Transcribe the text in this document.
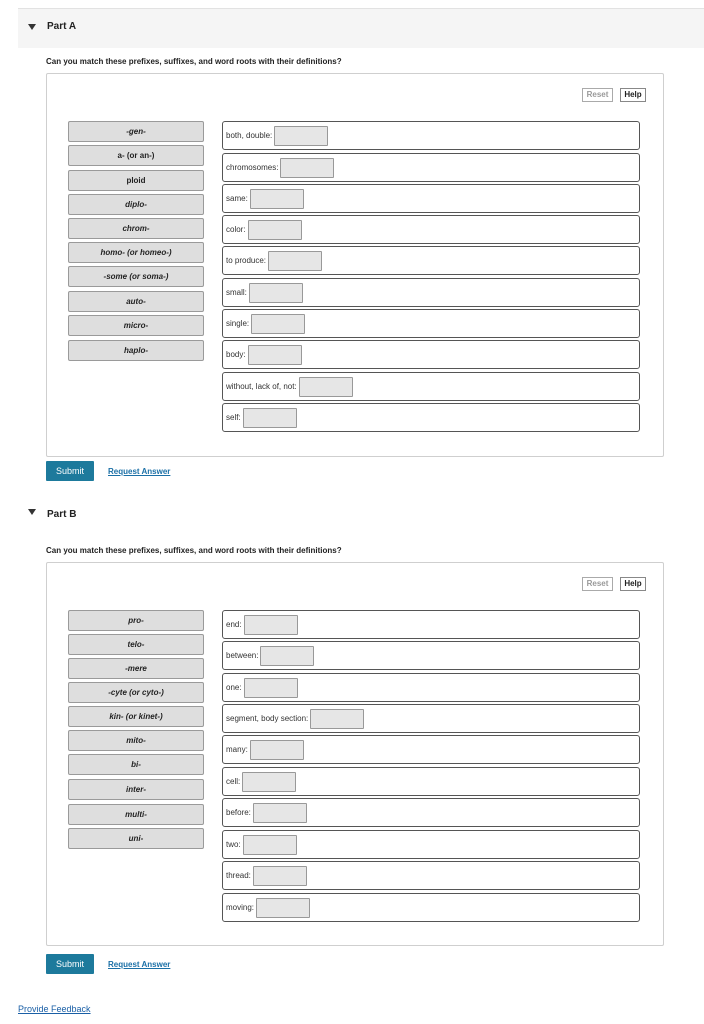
Part A
Can you match these prefixes, suffixes, and word roots with their definitions?
Reset	Help
-gen-
a- (or an-)
ploid
diplo-
chrom-
homo- (or homeo-)
-some (or soma-)
auto-
micro-
haplo-
both, double:
chromosomes:
same:
color:
to produce:
small:
single:
body:
without, lack of, not:
self:
Submit	Request Answer
Part B
Can you match these prefixes, suffixes, and word roots with their definitions?
Reset	Help
pro-
telo-
-mere
-cyte (or cyto-)
kin- (or kinet-)
mito-
bi-
inter-
multi-
uni-
end:
between:
one:
segment, body section:
many:
cell:
before:
two:
thread:
moving:
Submit	Request Answer
Provide Feedback
